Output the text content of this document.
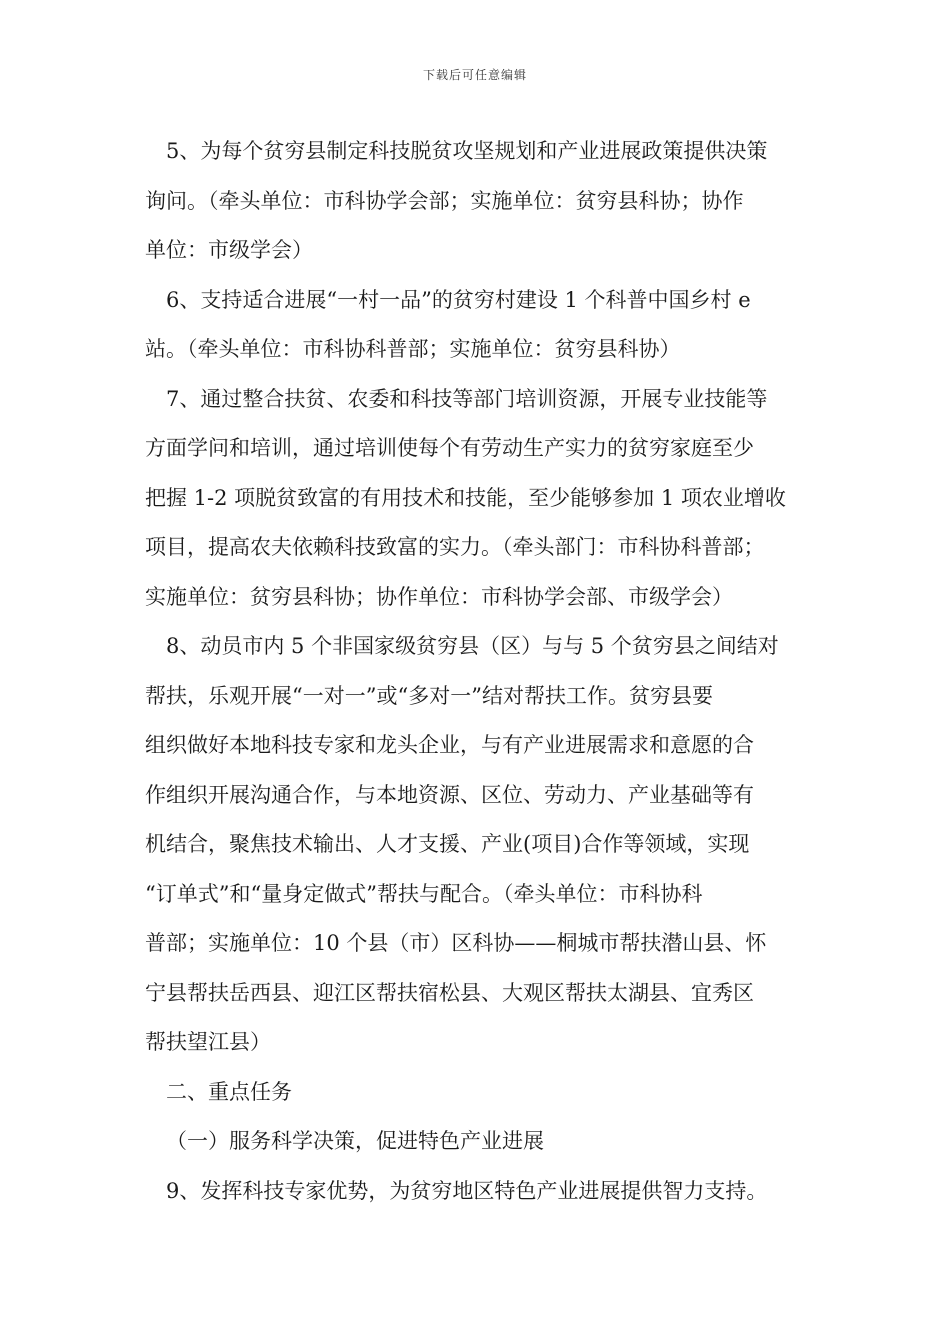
下载后可任意编辑
5、为每个贫穷县制定科技脱贫攻坚规划和产业进展政策提供决策
询问。（牵头单位：市科协学会部；实施单位：贫穷县科协；协作
单位：市级学会）
6、支持适合进展“一村一品”的贫穷村建设 1 个科普中国乡村 e
站。（牵头单位：市科协科普部；实施单位：贫穷县科协）
7、通过整合扶贫、农委和科技等部门培训资源，开展专业技能等
方面学问和培训，通过培训使每个有劳动生产实力的贫穷家庭至少
把握 1-2 项脱贫致富的有用技术和技能，至少能够参加 1 项农业增收
项目，提高农夫依赖科技致富的实力。（牵头部门：市科协科普部；
实施单位：贫穷县科协；协作单位：市科协学会部、市级学会）
8、动员市内 5 个非国家级贫穷县（区）与与 5 个贫穷县之间结对
帮扶，乐观开展“一对一”或“多对一”结对帮扶工作。贫穷县要
组织做好本地科技专家和龙头企业，与有产业进展需求和意愿的合
作组织开展沟通合作，与本地资源、区位、劳动力、产业基础等有
机结合，聚焦技术输出、人才支援、产业(项目)合作等领域，实现
“订单式”和“量身定做式”帮扶与配合。（牵头单位：市科协科
普部；实施单位：10 个县（市）区科协——桐城市帮扶潜山县、怀
宁县帮扶岳西县、迎江区帮扶宿松县、大观区帮扶太湖县、宜秀区
帮扶望江县）
二、重点任务
（一）服务科学决策，促进特色产业进展
9、发挥科技专家优势，为贫穷地区特色产业进展提供智力支持。
